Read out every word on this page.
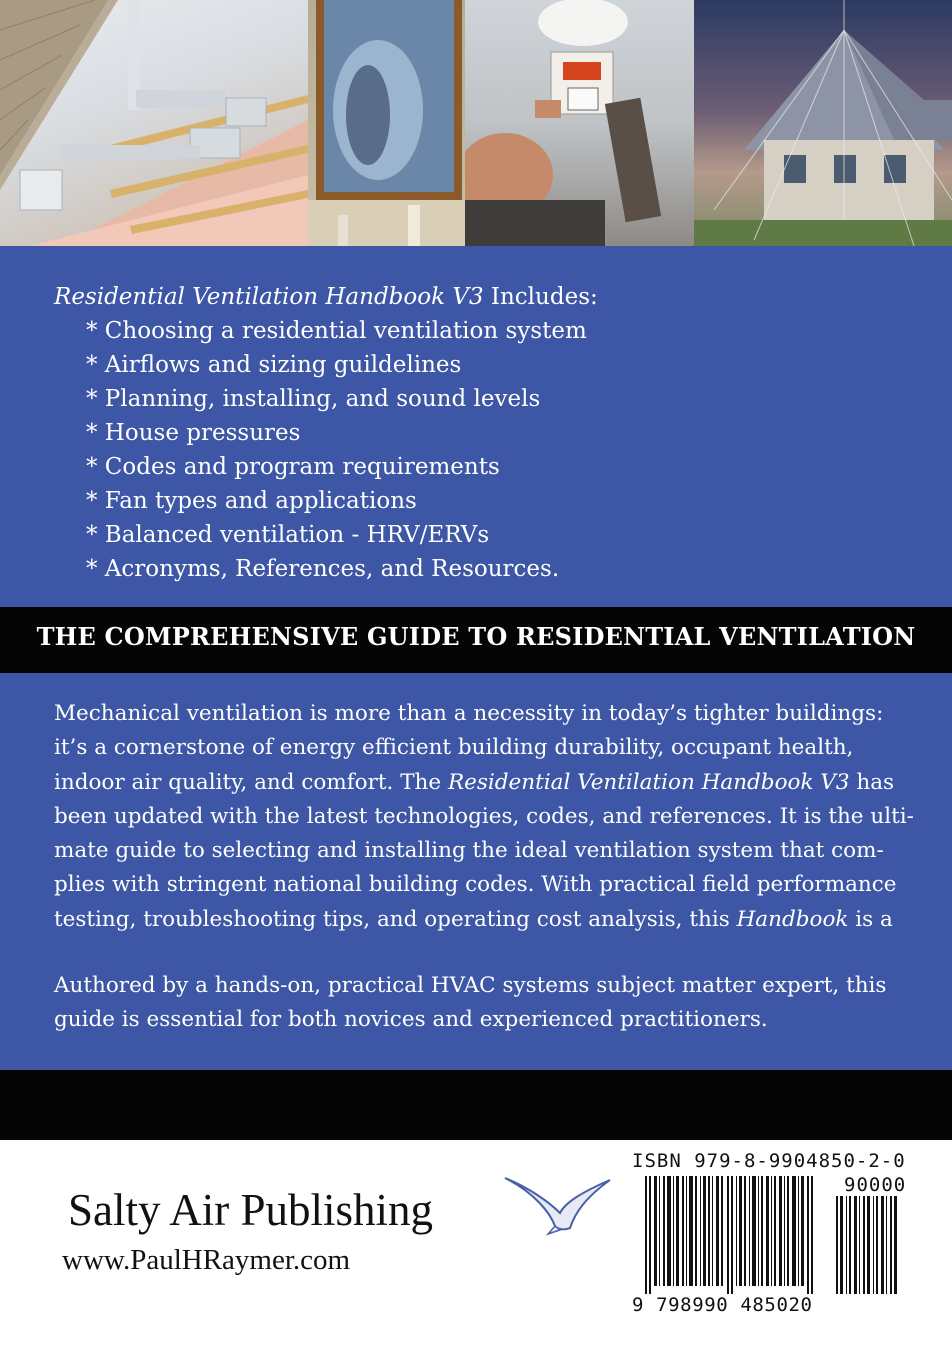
Residential Ventilation Handbook V3 Includes:
* Choosing a residential ventilation system
* Airflows and sizing guildelines
* Planning, installing, and sound levels
* House pressures
* Codes and program requirements
* Fan types and applications
* Balanced ventilation - HRV/ERVs
* Acronyms, References, and Resources.
THE COMPREHENSIVE GUIDE TO RESIDENTIAL VENTILATION
Mechanical ventilation is more than a necessity in today’s tighter buildings:
it’s a cornerstone of energy efficient building durability, occupant health,
indoor air quality, and comfort. The Residential Ventilation Handbook V3 has
been updated with the latest technologies, codes, and references. It is the ulti-
mate guide to selecting and installing the ideal ventilation system that com-
plies with stringent national building codes. With practical field performance
testing, troubleshooting tips, and operating cost analysis, this Handbook is a
Authored by a hands-on, practical HVAC systems subject matter expert, this
guide is essential for both novices and experienced practitioners.
Salty Air Publishing
www.PaulHRaymer.com
ISBN 979-8-9904850-2-0
90000
9 798990 485020
